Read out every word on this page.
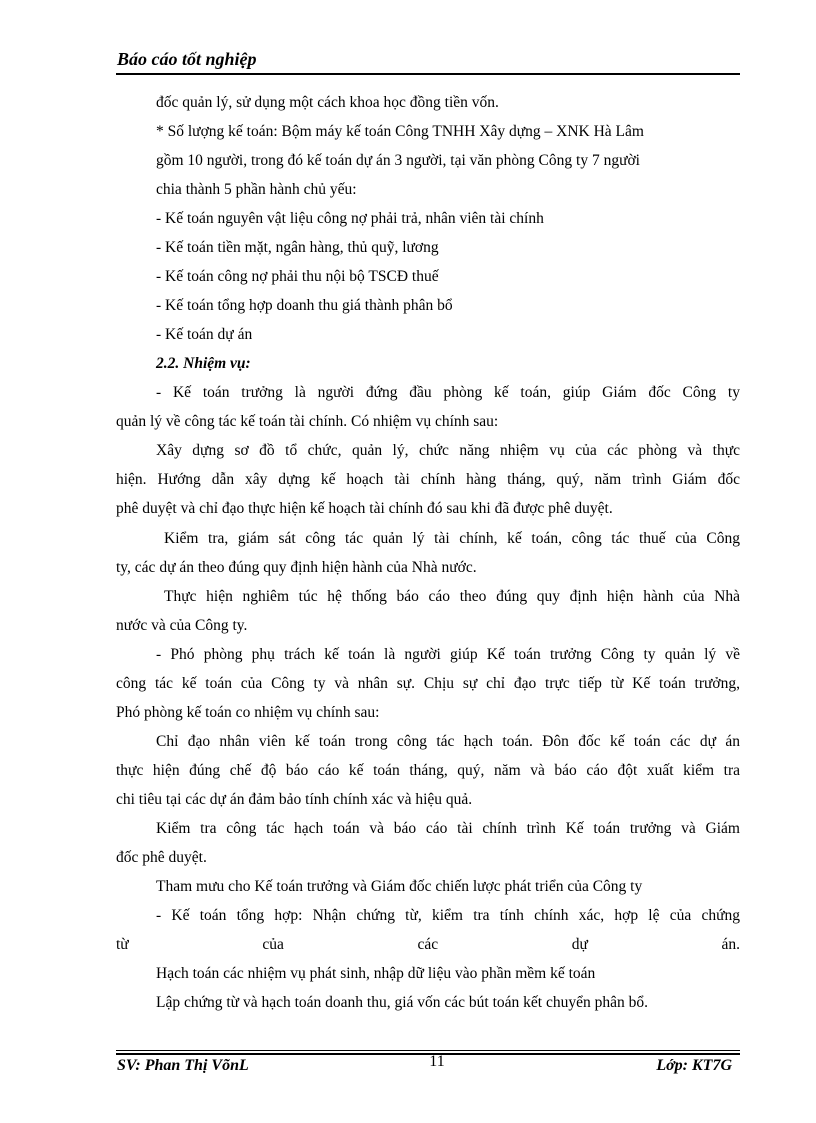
Báo cáo tốt nghiệp
đốc quản lý, sử dụng một cách khoa học đồng tiền vốn.
* Số lượng kế toán: Bộm máy kế toán Công TNHH Xây dựng – XNK Hà Lâm
gồm 10 người, trong đó kế toán dự án 3 người, tại văn phòng Công ty 7 người
chia thành 5 phần hành chủ yếu:
- Kế toán nguyên vật liệu công nợ phải trả, nhân viên tài chính
- Kế toán tiền mặt, ngân hàng, thủ quỹ, lương
- Kế toán công nợ phải thu nội bộ TSCĐ thuế
- Kế toán tổng hợp doanh thu giá thành phân bổ
- Kế toán dự án
2.2. Nhiệm vụ:
- Kế toán trưởng là người đứng đầu phòng kế toán, giúp Giám đốc Công ty
quản lý về công tác kế toán tài chính. Có nhiệm vụ chính sau:
Xây dựng sơ đồ tổ chức, quản lý, chức năng nhiệm vụ của các phòng và thực
hiện. Hướng dẫn xây dựng kế hoạch tài chính hàng tháng, quý, năm trình Giám đốc
phê duyệt và chỉ đạo thực hiện kế hoạch tài chính đó sau khi đã được phê duyệt.
Kiểm tra, giám sát công tác quản lý tài chính, kế toán, công tác thuế của Công
ty, các dự án theo đúng quy định hiện hành của Nhà nước.
Thực hiện nghiêm túc hệ thống báo cáo theo đúng quy định hiện hành của Nhà
nước và của Công ty.
- Phó phòng phụ trách kế toán là người giúp Kế toán trưởng Công ty quản lý về
công tác kế toán của Công ty và nhân sự. Chịu sự chỉ đạo trực tiếp từ Kế toán trưởng,
Phó phòng kế toán co nhiệm vụ chính sau:
Chỉ đạo nhân viên kế toán trong công tác hạch toán. Đôn đốc kế toán các dự án
thực hiện đúng chế độ báo cáo kế toán tháng, quý, năm và báo cáo đột xuất kiểm tra
chi tiêu tại các dự án đảm bảo tính chính xác và hiệu quả.
Kiểm tra công tác hạch toán và báo cáo tài chính trình Kế toán trưởng và Giám
đốc phê duyệt.
Tham mưu cho Kế toán trưởng và Giám đốc chiến lược phát triển của Công ty
- Kế toán tổng hợp: Nhận chứng từ, kiểm tra tính chính xác, hợp lệ của chứng
từ của các dự án.
Hạch toán các nhiệm vụ phát sinh, nhập dữ liệu vào phần mềm kế toán
Lập chứng từ và hạch toán doanh thu, giá vốn các bút toán kết chuyển phân bổ.
SV: Phan Thị VõnL	11	Lớp: KT7G
